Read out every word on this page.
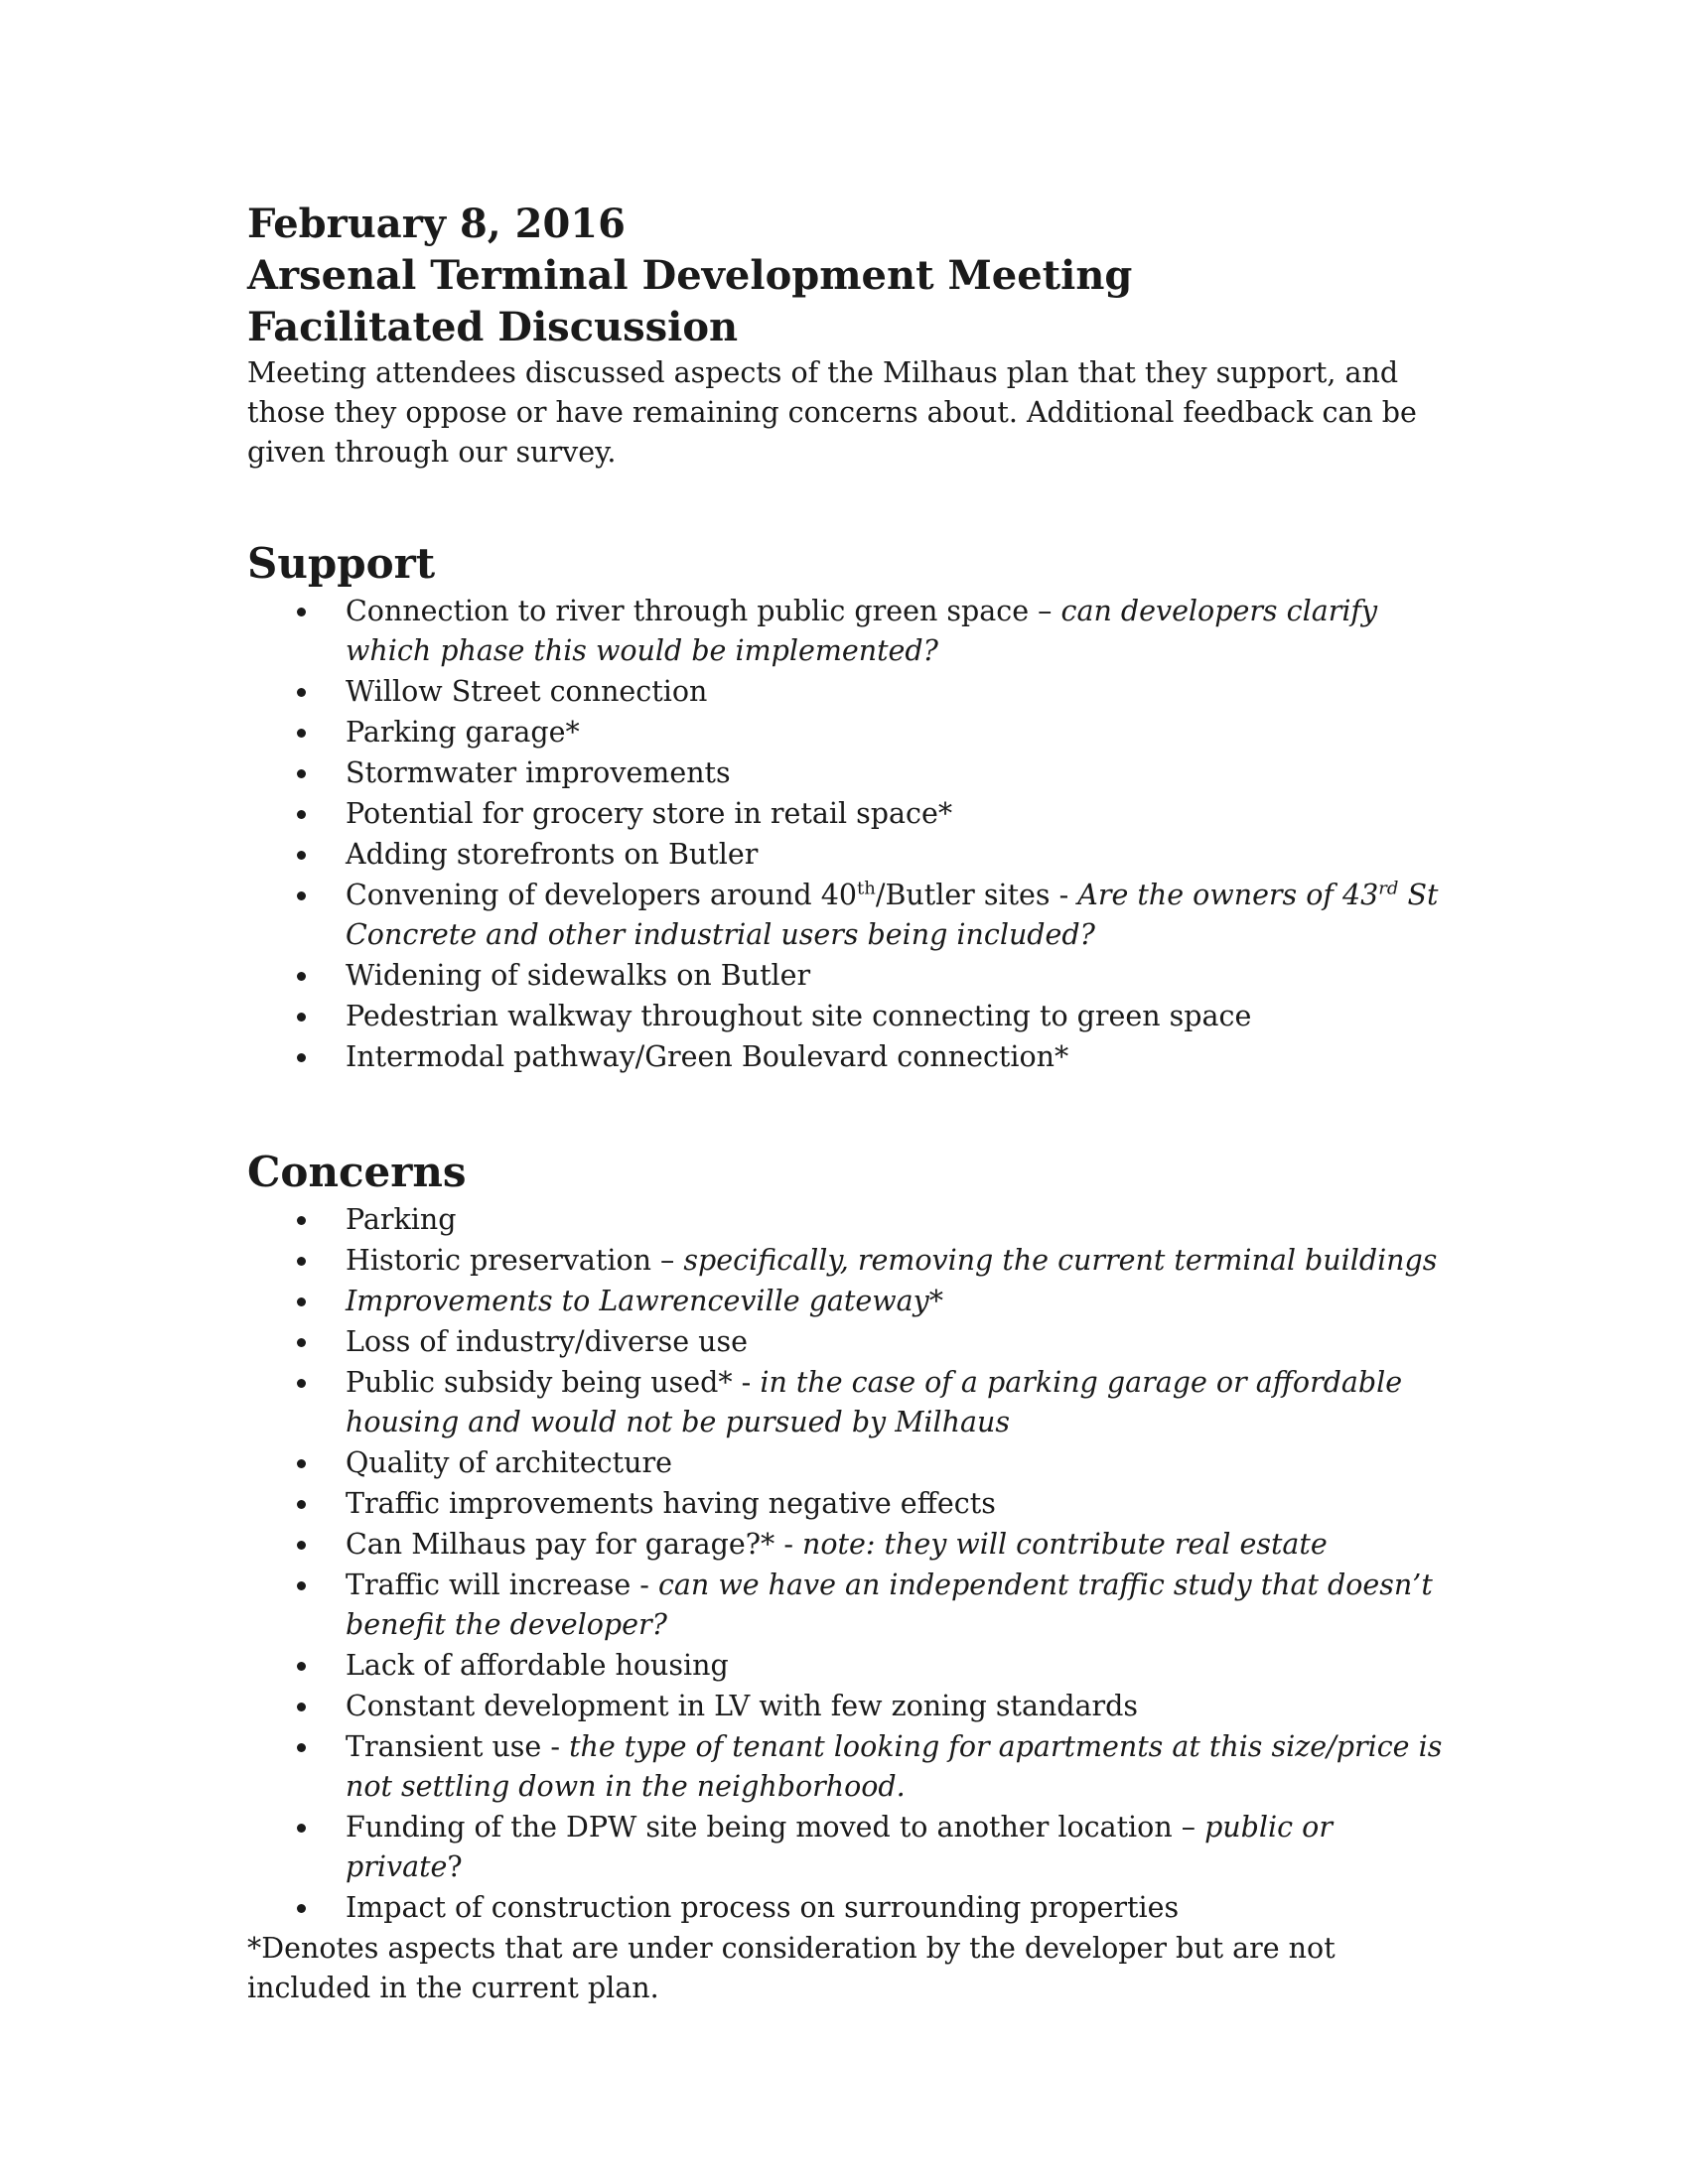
February 8, 2016

Arsenal Terminal Development Meeting

Facilitated Discussion

Meeting attendees discussed aspects of the Milhaus plan that they support, and those they oppose or have remaining concerns about. Additional feedback can be given through our survey.

Support
Connection to river through public green space – can developers clarify which phase this would be implemented?
Willow Street connection
Parking garage*
Stormwater improvements
Potential for grocery store in retail space*
Adding storefronts on Butler
Convening of developers around 40th/Butler sites - Are the owners of 43rd St Concrete and other industrial users being included?
Widening of sidewalks on Butler
Pedestrian walkway throughout site connecting to green space
Intermodal pathway/Green Boulevard connection*
Concerns
Parking
Historic preservation – specifically, removing the current terminal buildings
Improvements to Lawrenceville gateway*
Loss of industry/diverse use
Public subsidy being used* - in the case of a parking garage or affordable housing and would not be pursued by Milhaus
Quality of architecture
Traffic improvements having negative effects
Can Milhaus pay for garage?* - note: they will contribute real estate
Traffic will increase - can we have an independent traffic study that doesn’t benefit the developer?
Lack of affordable housing
Constant development in LV with few zoning standards
Transient use - the type of tenant looking for apartments at this size/price is not settling down in the neighborhood.
Funding of the DPW site being moved to another location – public or private?
Impact of construction process on surrounding properties

*Denotes aspects that are under consideration by the developer but are not included in the current plan.
